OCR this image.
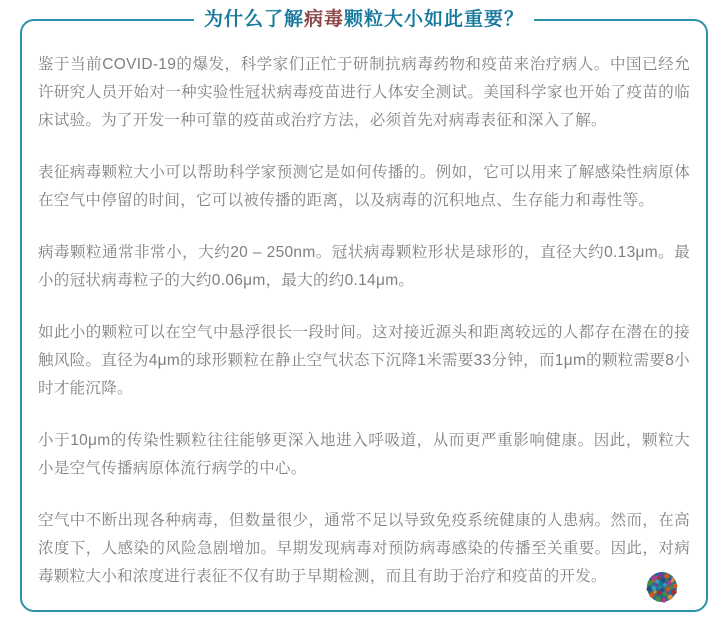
为什么了解病毒颗粒大小如此重要？

鉴于当前COVID-19的爆发，科学家们正忙于研制抗病毒药物和疫苗来治疗病人。中国已经允许研究人员开始对一种实验性冠状病毒疫苗进行人体安全测试。美国科学家也开始了疫苗的临床试验。为了开发一种可靠的疫苗或治疗方法，必须首先对病毒表征和深入了解。

表征病毒颗粒大小可以帮助科学家预测它是如何传播的。例如，它可以用来了解感染性病原体在空气中停留的时间，它可以被传播的距离，以及病毒的沉积地点、生存能力和毒性等。

病毒颗粒通常非常小，大约20 – 250nm。冠状病毒颗粒形状是球形的，直径大约0.13μm。最小的冠状病毒粒子的大约0.06μm，最大的约0.14μm。

如此小的颗粒可以在空气中悬浮很长一段时间。这对接近源头和距离较远的人都存在潜在的接触风险。直径为4μm的球形颗粒在静止空气状态下沉降1米需要33分钟，而1μm的颗粒需要8小时才能沉降。

小于10μm的传染性颗粒往往能够更深入地进入呼吸道，从而更严重影响健康。因此，颗粒大小是空气传播病原体流行病学的中心。

空气中不断出现各种病毒，但数量很少，通常不足以导致免疫系统健康的人患病。然而，在高浓度下，人感染的风险急剧增加。早期发现病毒对预防病毒感染的传播至关重要。因此，对病毒颗粒大小和浓度进行表征不仅有助于早期检测，而且有助于治疗和疫苗的开发。
